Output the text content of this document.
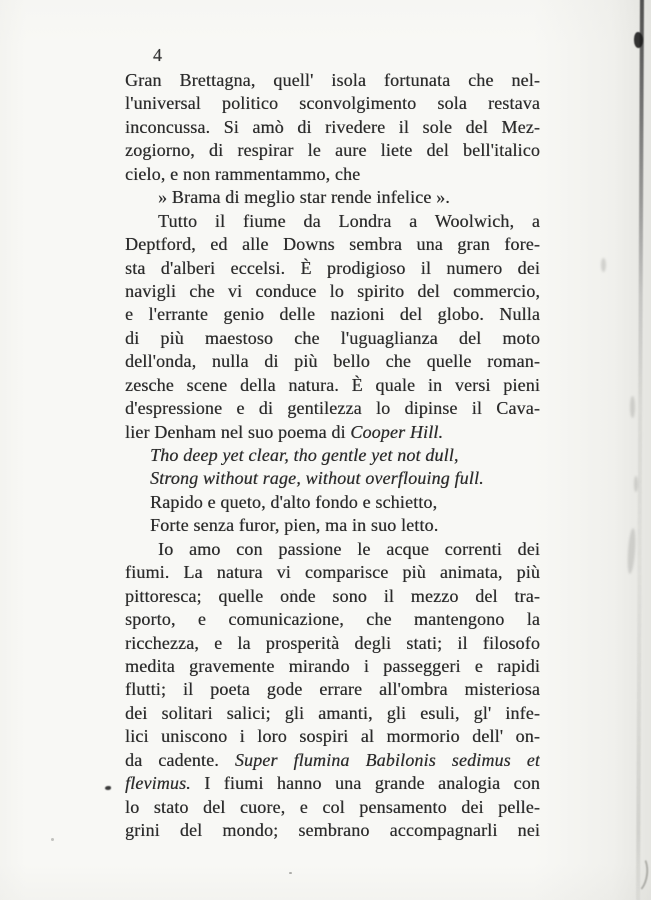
4
Gran Brettagna, quell' isola fortunata che nel-
l'universal politico sconvolgimento sola restava
inconcussa. Si amò di rivedere il sole del Mez-
zogiorno, di respirar le aure liete del bell'italico
cielo, e non rammentammo, che
» Brama di meglio star rende infelice ».
Tutto il fiume da Londra a Woolwich, a
Deptford, ed alle Downs sembra una gran fore-
sta d'alberi eccelsi. È prodigioso il numero dei
navigli che vi conduce lo spirito del commercio,
e l'errante genio delle nazioni del globo. Nulla
di più maestoso che l'uguaglianza del moto
dell'onda, nulla di più bello che quelle roman-
zesche scene della natura. È quale in versi pieni
d'espressione e di gentilezza lo dipinse il Cava-
lier Denham nel suo poema di Cooper Hill.
Tho deep yet clear, tho gentle yet not dull,
Strong without rage, without overflouing full.
Rapido e queto, d'alto fondo e schietto,
Forte senza furor, pien, ma in suo letto.
Io amo con passione le acque correnti dei
fiumi. La natura vi comparisce più animata, più
pittoresca; quelle onde sono il mezzo del tra-
sporto, e comunicazione, che mantengono la
ricchezza, e la prosperità degli stati; il filosofo
medita gravemente mirando i passeggeri e rapidi
flutti; il poeta gode errare all'ombra misteriosa
dei solitari salici; gli amanti, gli esuli, gl' infe-
lici uniscono i loro sospiri al mormorio dell' on-
da cadente. Super flumina Babilonis sedimus et
flevimus. I fiumi hanno una grande analogia con
lo stato del cuore, e col pensamento dei pelle-
grini del mondo; sembrano accompagnarli nei
